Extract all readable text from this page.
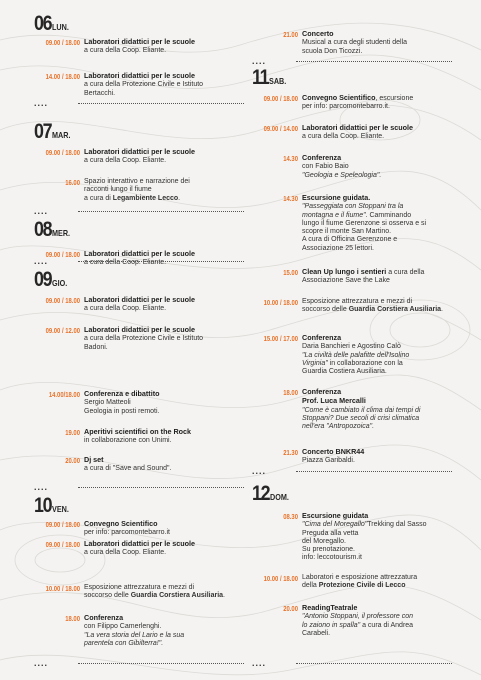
06 LUN.
09.00 / 18.00 Laboratori didattici per le scuole
a cura della Coop. Eliante.
14.00 / 18.00 Laboratori didattici per le scuole
a cura della Protezione Civile e Istituto
Bertacchi.
....
07 MAR.
09.00 / 18.00 Laboratori didattici per le scuole
a cura della Coop. Eliante.
16.00 Spazio interattivo e narrazione dei
racconti lungo il fiume
a cura di Legambiente Lecco.
....
08 MER.
09.00 / 18.00 Laboratori didattici per le scuole
a cura della Coop. Eliante.
....
09 GIO.
09.00 / 18.00 Laboratori didattici per le scuole
a cura della Coop. Eliante.
09.00 / 12.00 Laboratori didattici per le scuole
a cura della Protezione Civile e Istituto
Badoni.
14.00/18.00 Conferenza e dibattito
Sergio Matteoli
Geologia in posti remoti.
19.00 Aperitivi scientifici on the Rock
in collaborazione con Unimi.
20.00 Dj set
a cura di "Save and Sound".
....
10 VEN.
09.00 / 18.00 Convegno Scientifico
per info: parcomontebarro.it
09.00 / 18.00 Laboratori didattici per le scuole
a cura della Coop. Eliante.
10.00 / 18.00 Esposizione attrezzatura e mezzi di
soccorso delle Guardia Corstiera Ausiliaria.
18.00 Conferenza
con Filippo Camerlenghi.
"La vera storia del Lario e la sua
parentela con Gibilterra!".
....
21.00 Concerto
Musical a cura degli studenti della
scuola Don Ticozzi.
....
11 SAB.
09.00 / 18.00 Convegno Scientifico, escursione
per info: parcomontebarro.it.
09.00 / 14.00 Laboratori didattici per le scuole
a cura della Coop. Eliante.
14.30 Conferenza
con Fabio Baio
"Geologia e Speleologia".
14.30 Escursione guidata.
"Passeggiata con Stoppani tra la
montagna e il fiume". Camminando
lungo il fiume Gerenzone si osserva e si
scopre il monte San Martino.
A cura di Officina Gerenzone e
Associazione 25 lettori.
15.00 Clean Up lungo i sentieri a cura della
Associazione Save the Lake
10.00 / 18.00 Esposizione attrezzatura e mezzi di
soccorso delle Guardia Corstiera Ausiliaria.
15.00 / 17.00 Conferenza
Daria Banchieri e Agostino Calò
"La civiltà delle palafitte dell'Isolino
Virginia" in collaborazione con la
Guardia Costiera Ausiliaria.
18.00 Conferenza
Prof. Luca Mercalli
"Come è cambiato il clima dai tempi di
Stoppani? Due secoli di crisi climatica
nell'era "Antropozoica".
21.30 Concerto BNKR44
Piazza Garibaldi.
....
12 DOM.
08.30 Escursione guidata
"Cima del Moregallo"Trekking dal Sasso Preguda alla vetta
del Moregallo.
Su prenotazione.
info: leccotourism.it
10.00 / 18.00 Laboratori e esposizione attrezzatura
della Protezione Civile di Lecco
20.00 ReadingTeatrale
"Antonio Stoppani, il professore con
lo zaiono in spalla" a cura di Andrea
Carabeli.
....
